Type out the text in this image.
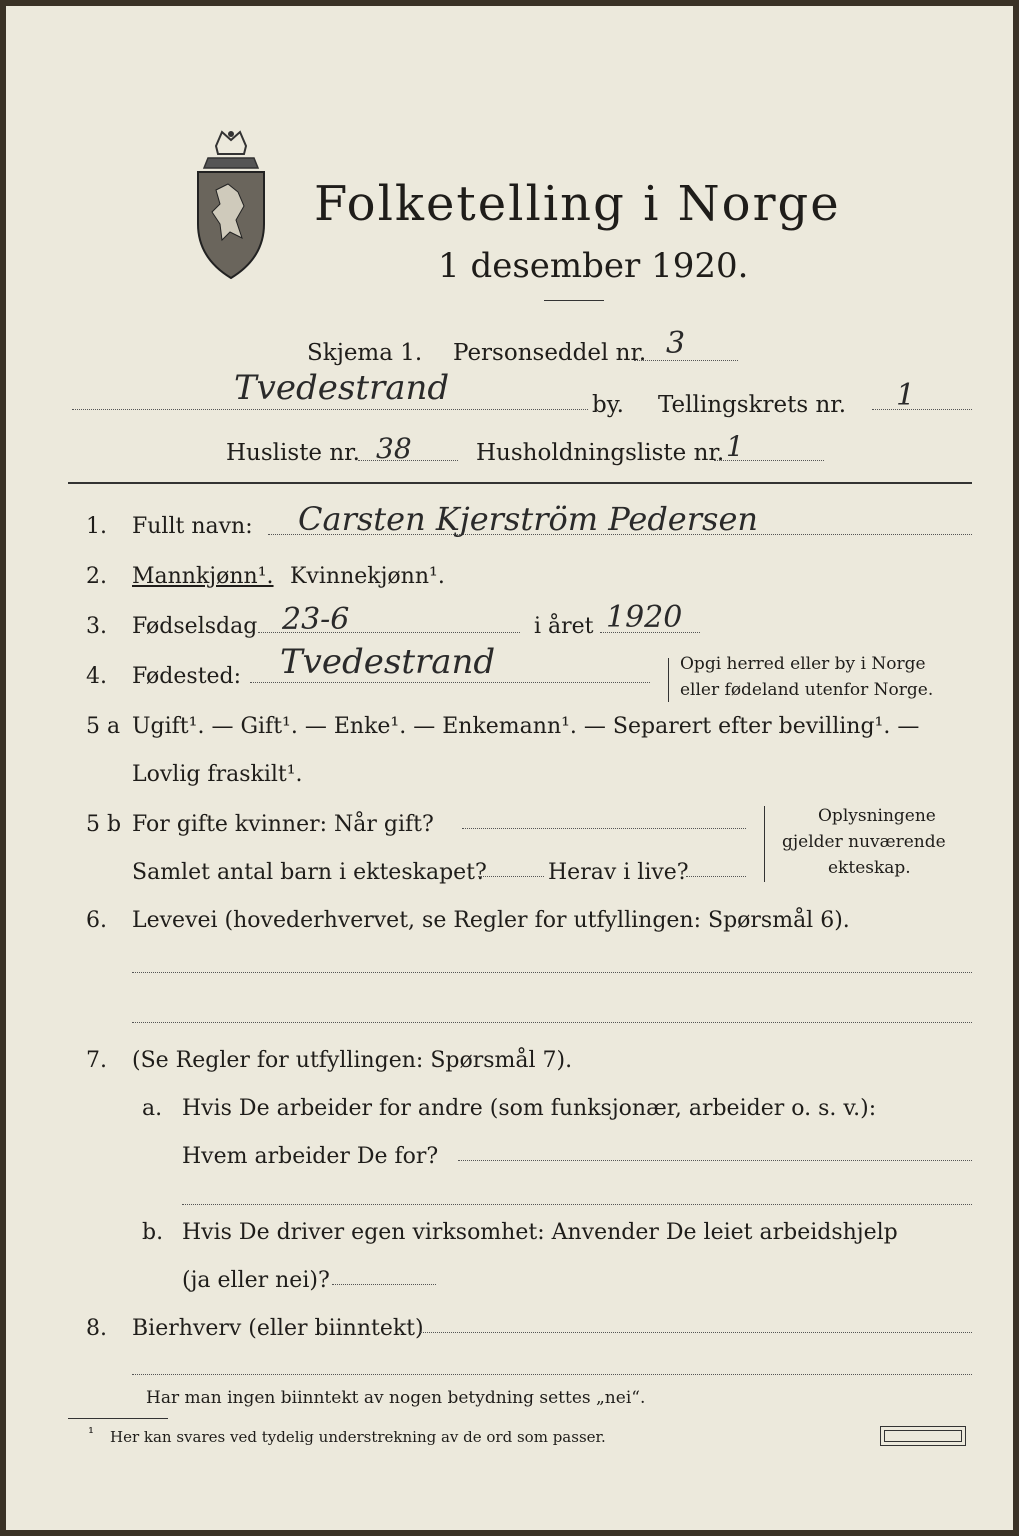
Folketelling i Norge
1 desember 1920.
Skjema 1. Personseddel nr. 3
Tvedestrand	by. Tellingskrets nr. 1
Husliste nr. 38	Husholdningsliste nr. 1
1. Fullt navn: Carsten Kjerström Pedersen
2. Mannkjønn¹. Kvinnekjønn¹.
3. Fødselsdag 23-6	i året 1920
4. Fødested: Tvedestrand	Opgi herred eller by i Norge
eller fødeland utenfor Norge.
5 a Ugift¹. — Gift¹. — Enke¹. — Enkemann¹. — Separert efter bevilling¹. —
Lovlig fraskilt¹.
5 b For gifte kvinner: Når gift?
Samlet antal barn i ekteskapet?	Herav i live?
Oplysningene
gjelder nuværende
ekteskap.
6. Levevei (hovederhvervet, se Regler for utfyllingen: Spørsmål 6).
7. (Se Regler for utfyllingen: Spørsmål 7).
a. Hvis De arbeider for andre (som funksjonær, arbeider o. s. v.):
Hvem arbeider De for?
b. Hvis De driver egen virksomhet: Anvender De leiet arbeidshjelp
(ja eller nei)?
8. Bierhverv (eller biinntekt)
Har man ingen biinntekt av nogen betydning settes „nei“.
¹ Her kan svares ved tydelig understrekning av de ord som passer.
